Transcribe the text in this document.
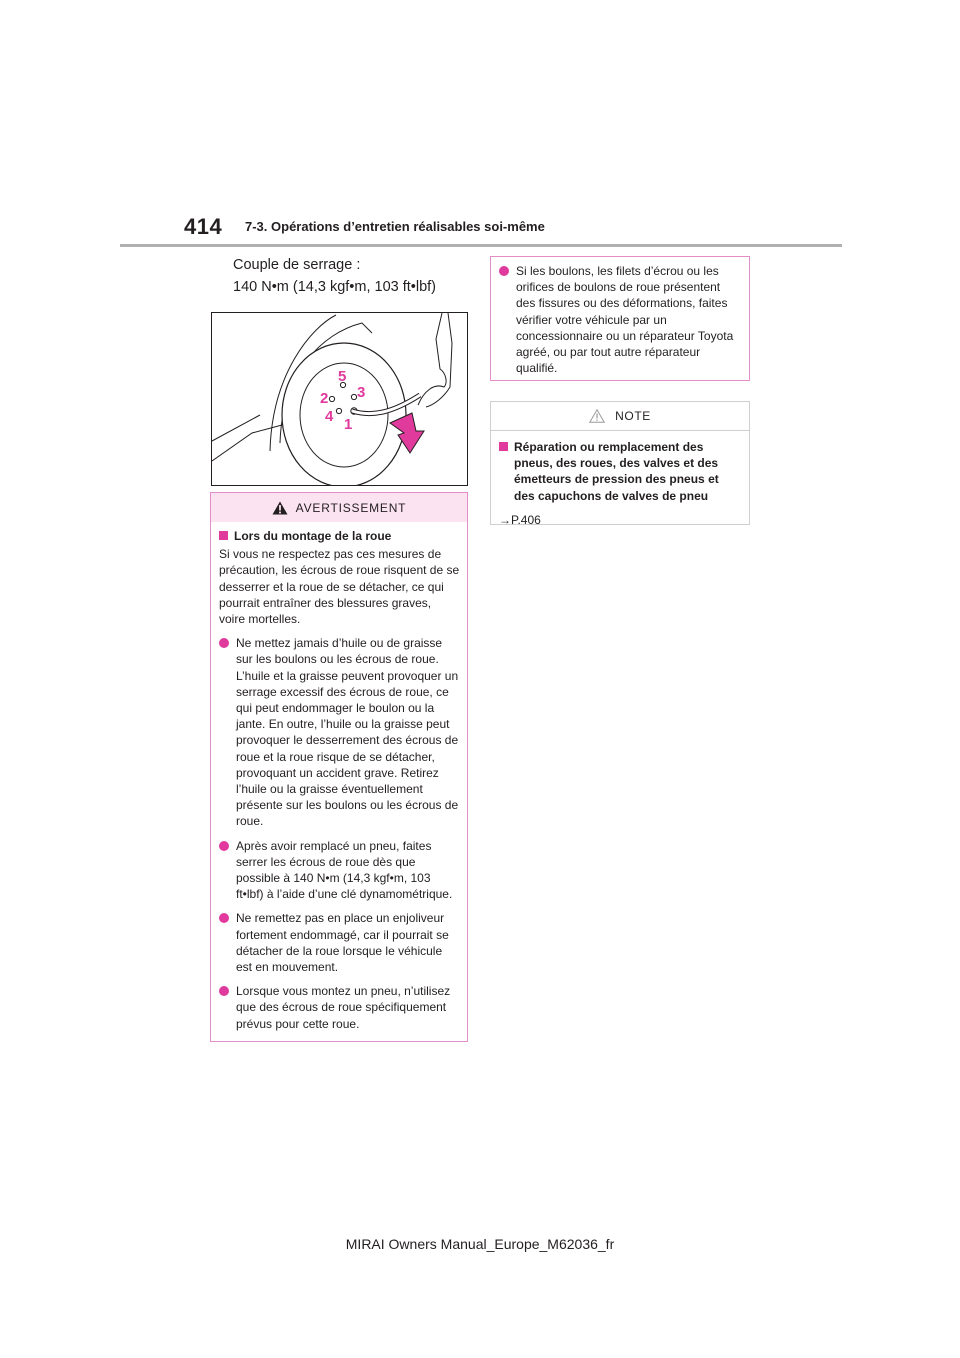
414 7-3. Opérations d’entretien réalisables soi-même
Couple de serrage :
140 N•m (14,3 kgf•m, 103 ft•lbf)
5
2 3
4 1
AVERTISSEMENT
Lors du montage de la roue
Si vous ne respectez pas ces mesures de précaution, les écrous de roue risquent de se desserrer et la roue de se détacher, ce qui pourrait entraîner des blessures graves, voire mortelles.
Ne mettez jamais d’huile ou de graisse sur les boulons ou les écrous de roue. L’huile et la graisse peuvent provoquer un serrage excessif des écrous de roue, ce qui peut endommager le boulon ou la jante. En outre, l’huile ou la graisse peut provoquer le desserrement des écrous de roue et la roue risque de se détacher, provoquant un accident grave. Retirez l’huile ou la graisse éventuellement présente sur les boulons ou les écrous de roue.
Après avoir remplacé un pneu, faites serrer les écrous de roue dès que possible à 140 N•m (14,3 kgf•m, 103 ft•lbf) à l’aide d’une clé dynamométrique.
Ne remettez pas en place un enjoliveur fortement endommagé, car il pourrait se détacher de la roue lorsque le véhicule est en mouvement.
Lorsque vous montez un pneu, n’utilisez que des écrous de roue spécifiquement prévus pour cette roue.
Si les boulons, les filets d’écrou ou les orifices de boulons de roue présentent des fissures ou des déformations, faites vérifier votre véhicule par un concessionnaire ou un réparateur Toyota agréé, ou par tout autre réparateur qualifié.
NOTE
Réparation ou remplacement des pneus, des roues, des valves et des émetteurs de pression des pneus et des capuchons de valves de pneu
→P.406
MIRAI Owners Manual_Europe_M62036_fr
